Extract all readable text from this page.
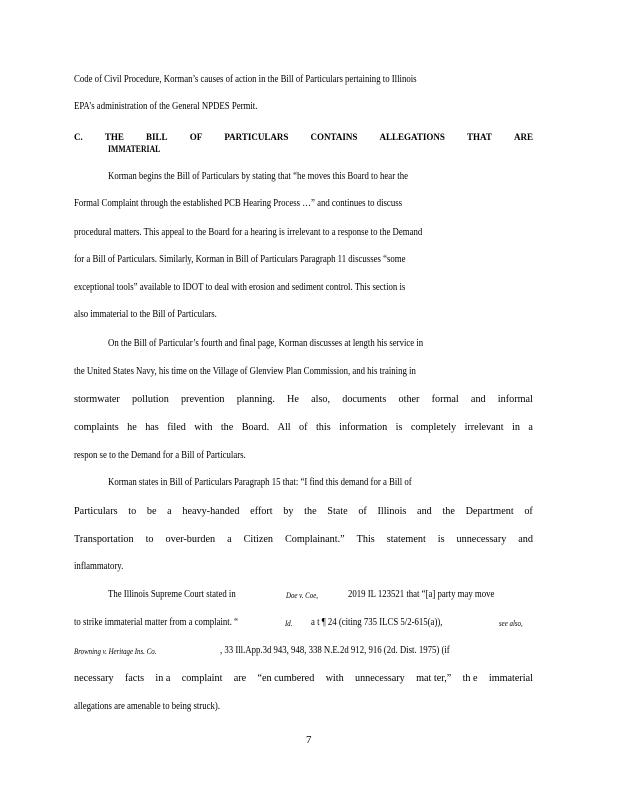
Code of Civil Procedure, Korman’s causes of action in the Bill of Particulars pertaining to Illinois
EPA’s administration of the General NPDES Permit.
C. THE BILL OF PARTICULARS CONTAINS ALLEGATIONS THAT ARE
IMMATERIAL
Korman begins the Bill of Particulars by stating that “he moves this Board to hear the
Formal Complaint through the established PCB Hearing Process …” and continues to discuss
procedural matters. This appeal to the Board for a hearing is irrelevant to a response to the Demand
for a Bill of Particulars. Similarly, Korman in Bill of Particulars Paragraph 11 discusses “some
exceptional tools” available to IDOT to deal with erosion and sediment control. This section is
also immaterial to the Bill of Particulars.
On the Bill of Particular’s fourth and final page, Korman discusses at length his service in
the United States Navy, his time on the Village of Glenview Plan Commission, and his training in
stormwater pollution prevention planning. He also, documents other formal and informal
complaints he has filed with the Board. All of this information is completely irrelevant in a
respon se to the Demand for a Bill of Particulars.
Korman states in Bill of Particulars Paragraph 15 that: “I find this demand for a Bill of
Particulars to be a heavy-handed effort by the State of Illinois and the Department of
Transportation to over-burden a Citizen Complainant.” This statement is unnecessary and
inflammatory.
The Illinois Supreme Court stated in	Doe v. Coe,	2019 IL 123521 that “[a] party may move
to strike immaterial matter from a complaint. “	Id. a t ¶ 24 (citing 735 ILCS 5/2-615(a)),	see also,
Browning v. Heritage Ins. Co.	, 33 Ill.App.3d 943, 948, 338 N.E.2d 912, 916 (2d. Dist. 1975) (if
necessary facts in a complaint are “en cumbered with unnecessary mat ter,” th e immaterial
allegations are amenable to being struck).
7
